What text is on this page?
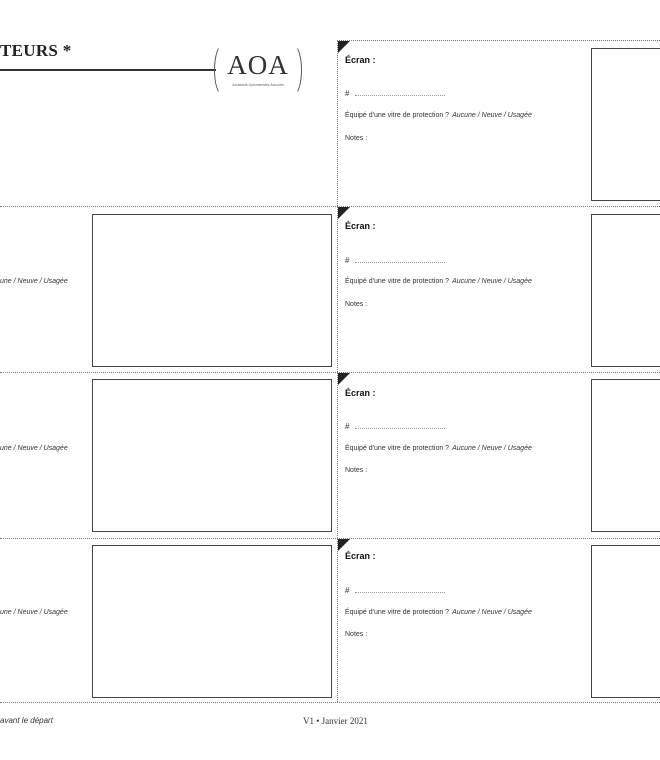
TEURS *	AOA
Assistants Optométristes Associés
Écran :
#
Équipé d'une vitre de protection ? Aucune / Neuve / Usagée
Notes :
une / Neuve / Usagée
Écran :
#
Équipé d'une vitre de protection ? Aucune / Neuve / Usagée
Notes :
une / Neuve / Usagée
Écran :
#
Équipé d'une vitre de protection ? Aucune / Neuve / Usagée
Notes :
une / Neuve / Usagée
Écran :
#
Équipé d'une vitre de protection ? Aucune / Neuve / Usagée
Notes :
avant le départ	V1 • Janvier 2021
